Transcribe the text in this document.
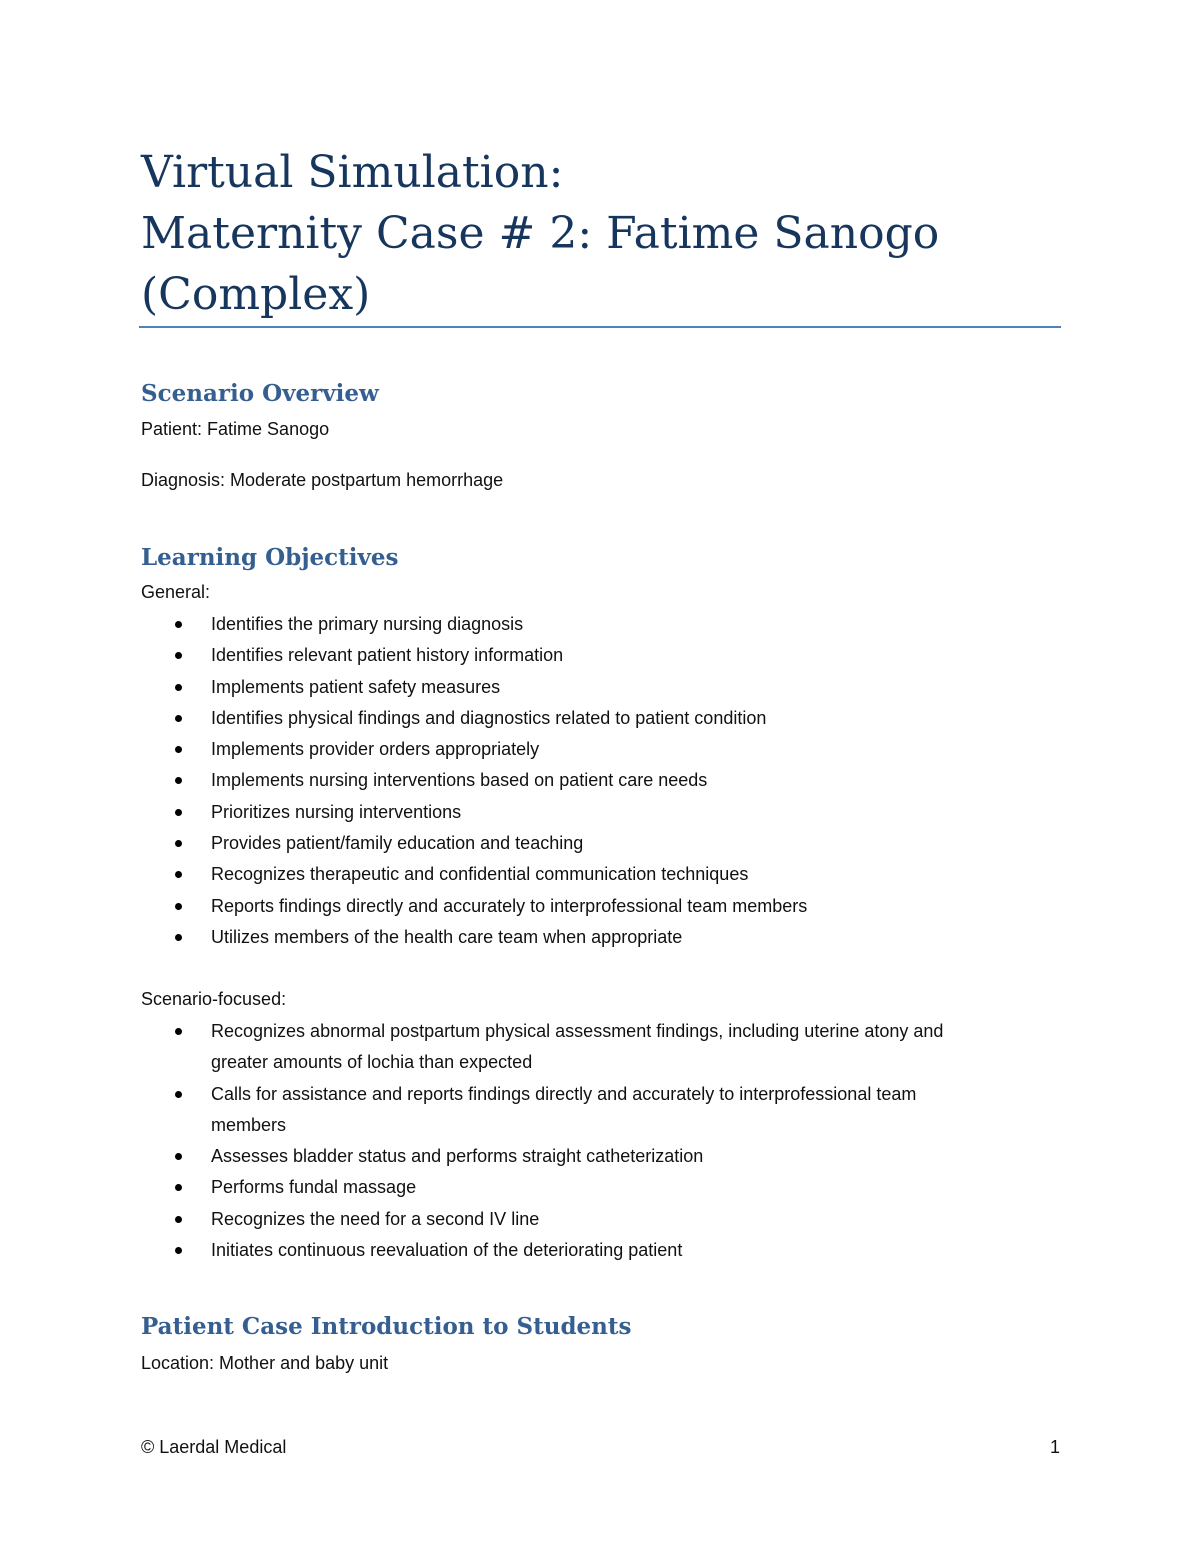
Virtual Simulation:
Maternity Case # 2: Fatime Sanogo
(Complex)
Scenario Overview

Patient: Fatime Sanogo

Diagnosis: Moderate postpartum hemorrhage

Learning Objectives

General:

Identifies the primary nursing diagnosis
Identifies relevant patient history information
Implements patient safety measures
Identifies physical findings and diagnostics related to patient condition
Implements provider orders appropriately
Implements nursing interventions based on patient care needs
Prioritizes nursing interventions
Provides patient/family education and teaching
Recognizes therapeutic and confidential communication techniques
Reports findings directly and accurately to interprofessional team members
Utilizes members of the health care team when appropriate

Scenario-focused:

Recognizes abnormal postpartum physical assessment findings, including uterine atony and
greater amounts of lochia than expected
Calls for assistance and reports findings directly and accurately to interprofessional team
members
Assesses bladder status and performs straight catheterization
Performs fundal massage
Recognizes the need for a second IV line
Initiates continuous reevaluation of the deteriorating patient
Patient Case Introduction to Students

Location: Mother and baby unit

© Laerdal Medical	1
